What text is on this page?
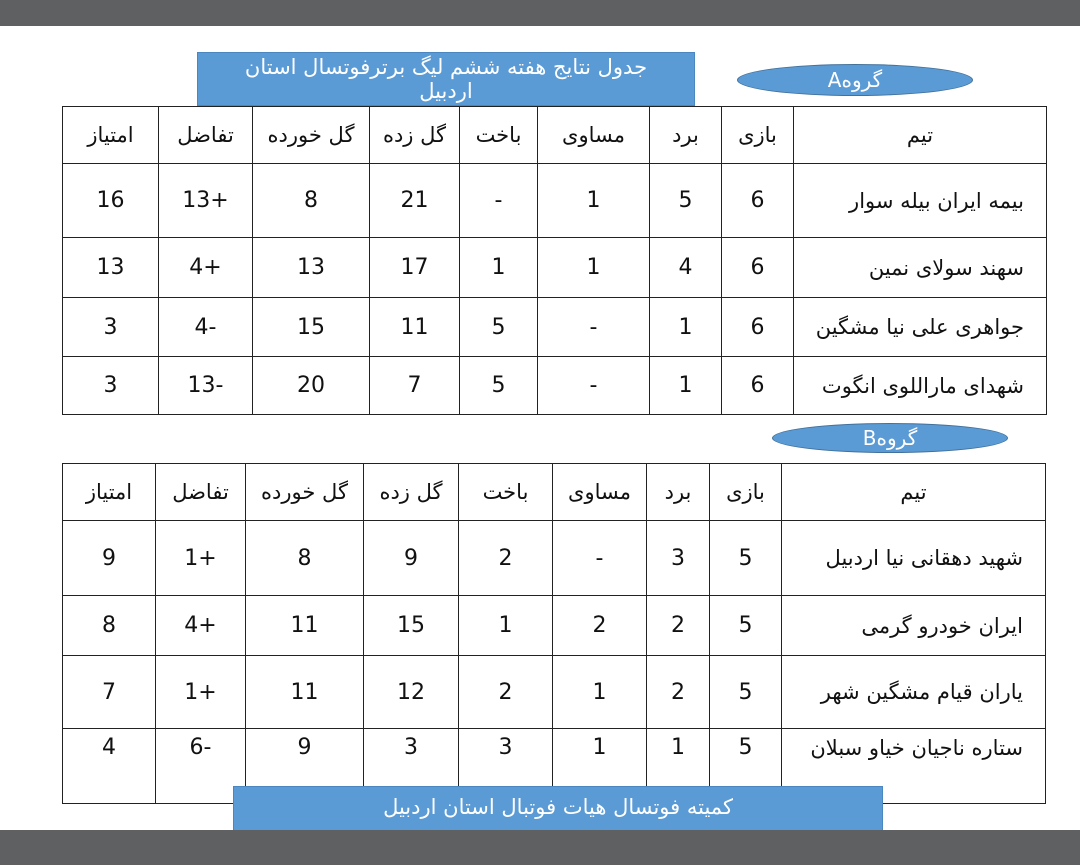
جدول نتایج هفته ششم لیگ برترفوتسال استان اردبیل	گروهA
تیم	بازی	برد	مساوی	باخت	گل زده	گل خورده	تفاضل	امتیاز
بیمه ایران بیله سوار	6	5	1	-	21	8	+13	16
سهند سولای نمین	6	4	1	1	17	13	+4	13
جواهری علی نیا مشگین	6	1	-	5	11	15	-4	3
شهدای ماراللوی انگوت	6	1	-	5	7	20	-13	3
گروهB
تیم	بازی	برد	مساوی	باخت	گل زده	گل خورده	تفاضل	امتیاز
شهید دهقانی نیا اردبیل	5	3	-	2	9	8	+1	9
ایران خودرو گرمی	5	2	2	1	15	11	+4	8
یاران قیام مشگین شهر	5	2	1	2	12	11	+1	7
ستاره ناجیان خیاو سبلان	5	1	1	3	3	9	-6	4
کمیته فوتسال هیات فوتبال استان اردبیل
